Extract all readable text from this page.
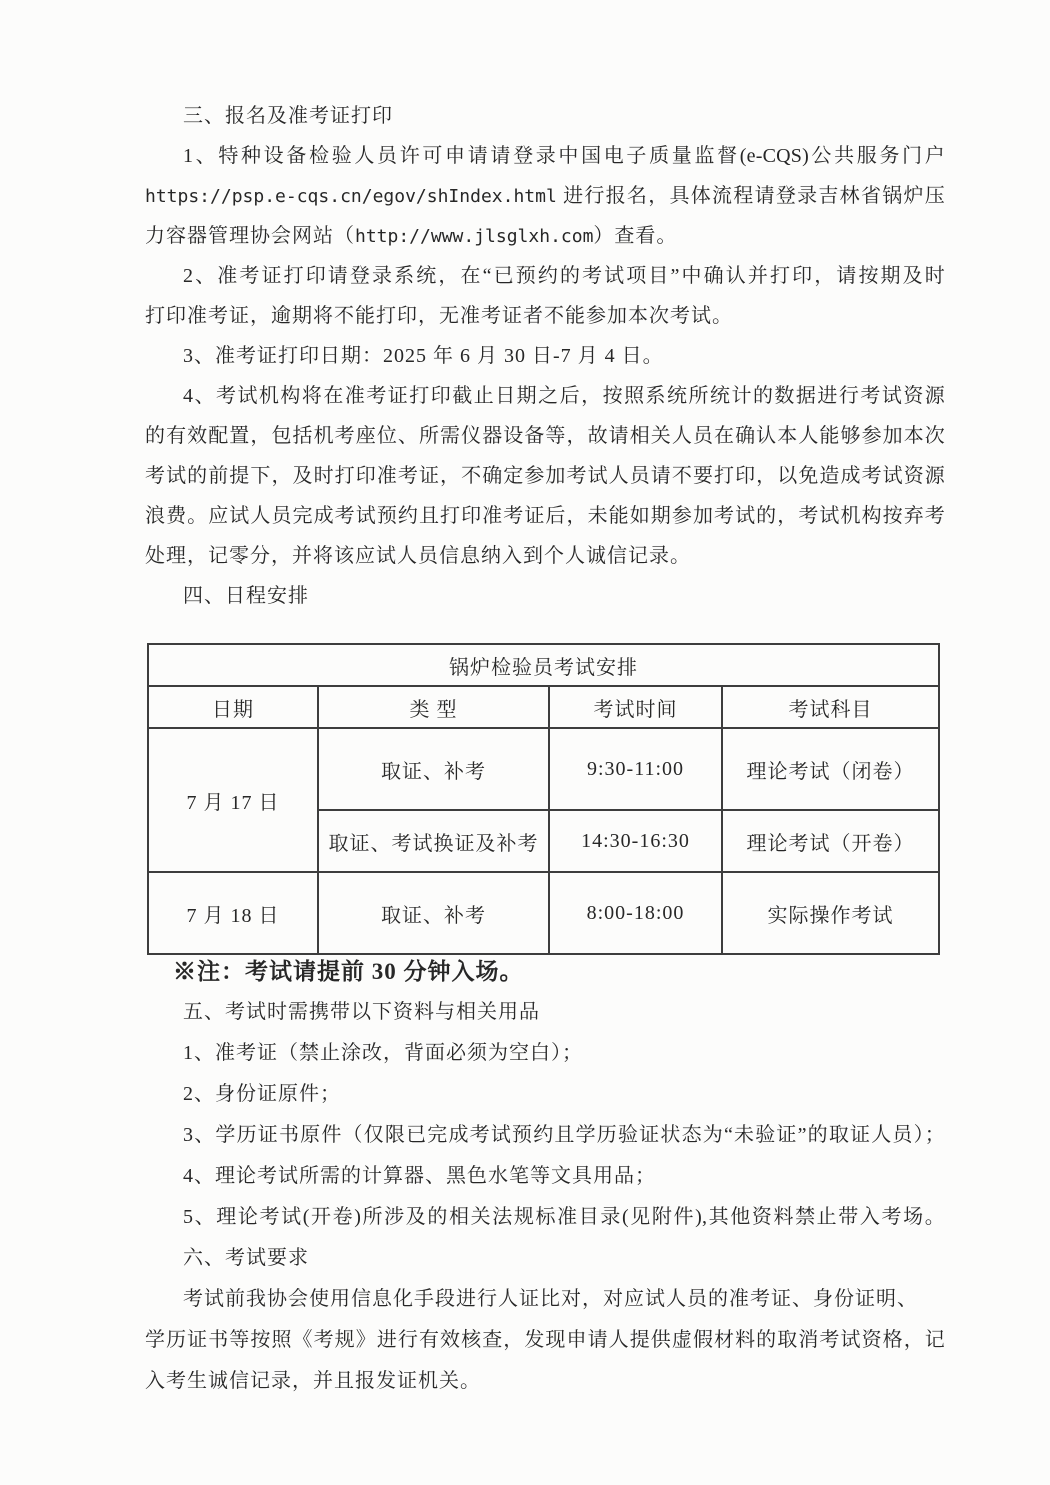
三、报名及准考证打印
1、特种设备检验人员许可申请请登录中国电子质量监督(e-CQS)公共服务门户
https://psp.e-cqs.cn/egov/shIndex.html 进行报名，具体流程请登录吉林省锅炉压
力容器管理协会网站（http://www.jlsglxh.com）查看。
2、准考证打印请登录系统，在“已预约的考试项目”中确认并打印，请按期及时
打印准考证，逾期将不能打印，无准考证者不能参加本次考试。
3、准考证打印日期：2025 年 6 月 30 日-7 月 4 日。
4、考试机构将在准考证打印截止日期之后，按照系统所统计的数据进行考试资源
的有效配置，包括机考座位、所需仪器设备等，故请相关人员在确认本人能够参加本次
考试的前提下，及时打印准考证，不确定参加考试人员请不要打印，以免造成考试资源
浪费。应试人员完成考试预约且打印准考证后，未能如期参加考试的，考试机构按弃考
处理，记零分，并将该应试人员信息纳入到个人诚信记录。
四、日程安排
锅炉检验员考试安排			
日期	类 型	考试时间	考试科目
7 月 17 日	取证、补考	9:30-11:00	理论考试（闭卷）
	取证、考试换证及补考	14:30-16:30	理论考试（开卷）
7 月 18 日	取证、补考	8:00-18:00	实际操作考试
※注：考试请提前 30 分钟入场。
五、考试时需携带以下资料与相关用品
1、准考证（禁止涂改，背面必须为空白）；
2、身份证原件；
3、学历证书原件（仅限已完成考试预约且学历验证状态为“未验证”的取证人员）；
4、理论考试所需的计算器、黑色水笔等文具用品；
5、理论考试(开卷)所涉及的相关法规标准目录(见附件),其他资料禁止带入考场。
六、考试要求
考试前我协会使用信息化手段进行人证比对，对应试人员的准考证、身份证明、
学历证书等按照《考规》进行有效核查，发现申请人提供虚假材料的取消考试资格，记
入考生诚信记录，并且报发证机关。
